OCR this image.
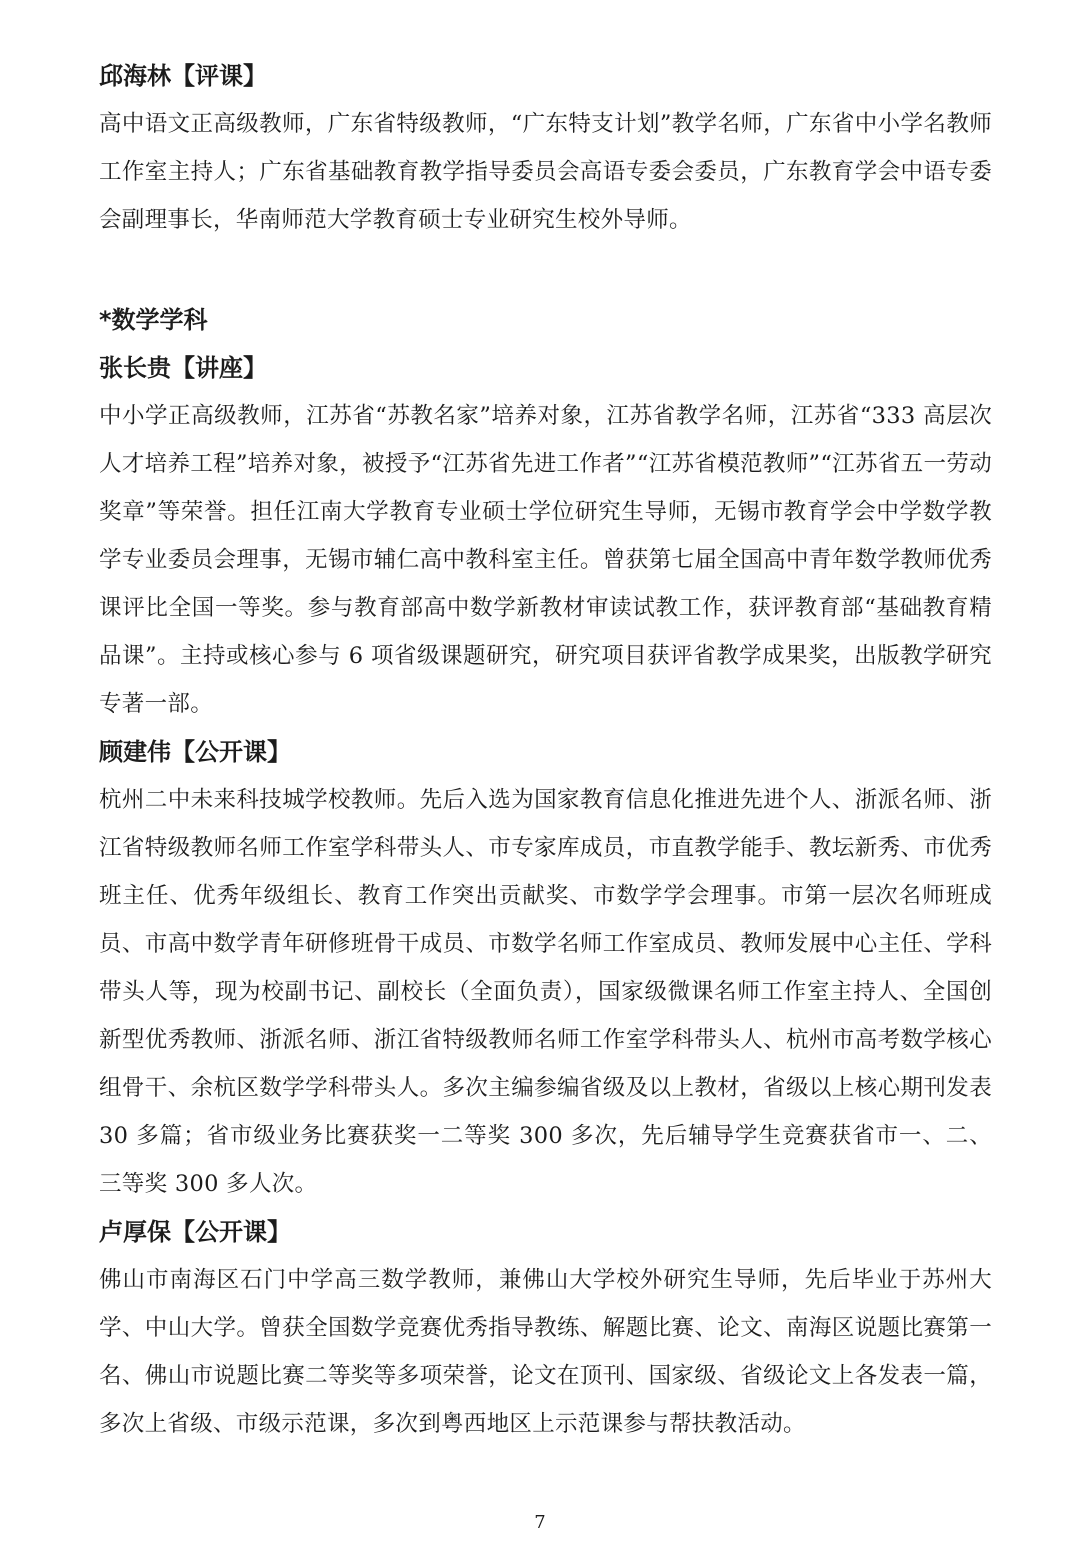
邱海林【评课】

高中语文正高级教师，广东省特级教师，“广东特支计划”教学名师，广东省中小学名教师工作室主持人；广东省基础教育教学指导委员会高语专委会委员，广东教育学会中语专委会副理事长，华南师范大学教育硕士专业研究生校外导师。

*数学学科

张长贵【讲座】

中小学正高级教师，江苏省“苏教名家”培养对象，江苏省教学名师，江苏省“333 高层次人才培养工程”培养对象，被授予“江苏省先进工作者”“江苏省模范教师”“江苏省五一劳动奖章”等荣誉。担任江南大学教育专业硕士学位研究生导师，无锡市教育学会中学数学教学专业委员会理事，无锡市辅仁高中教科室主任。曾获第七届全国高中青年数学教师优秀课评比全国一等奖。参与教育部高中数学新教材审读试教工作，获评教育部“基础教育精品课”。主持或核心参与 6 项省级课题研究，研究项目获评省教学成果奖，出版教学研究专著一部。

顾建伟【公开课】

杭州二中未来科技城学校教师。先后入选为国家教育信息化推进先进个人、浙派名师、浙江省特级教师名师工作室学科带头人、市专家库成员，市直教学能手、教坛新秀、市优秀班主任、优秀年级组长、教育工作突出贡献奖、市数学学会理事。市第一层次名师班成员、市高中数学青年研修班骨干成员、市数学名师工作室成员、教师发展中心主任、学科带头人等，现为校副书记、副校长（全面负责），国家级微课名师工作室主持人、全国创新型优秀教师、浙派名师、浙江省特级教师名师工作室学科带头人、杭州市高考数学核心组骨干、余杭区数学学科带头人。多次主编参编省级及以上教材，省级以上核心期刊发表 30 多篇；省市级业务比赛获奖一二等奖 300 多次，先后辅导学生竞赛获省市一、二、三等奖 300 多人次。

卢厚保【公开课】

佛山市南海区石门中学高三数学教师，兼佛山大学校外研究生导师，先后毕业于苏州大学、中山大学。曾获全国数学竞赛优秀指导教练、解题比赛、论文、南海区说题比赛第一名、佛山市说题比赛二等奖等多项荣誉，论文在顶刊、国家级、省级论文上各发表一篇，多次上省级、市级示范课，多次到粤西地区上示范课参与帮扶教活动。

7
